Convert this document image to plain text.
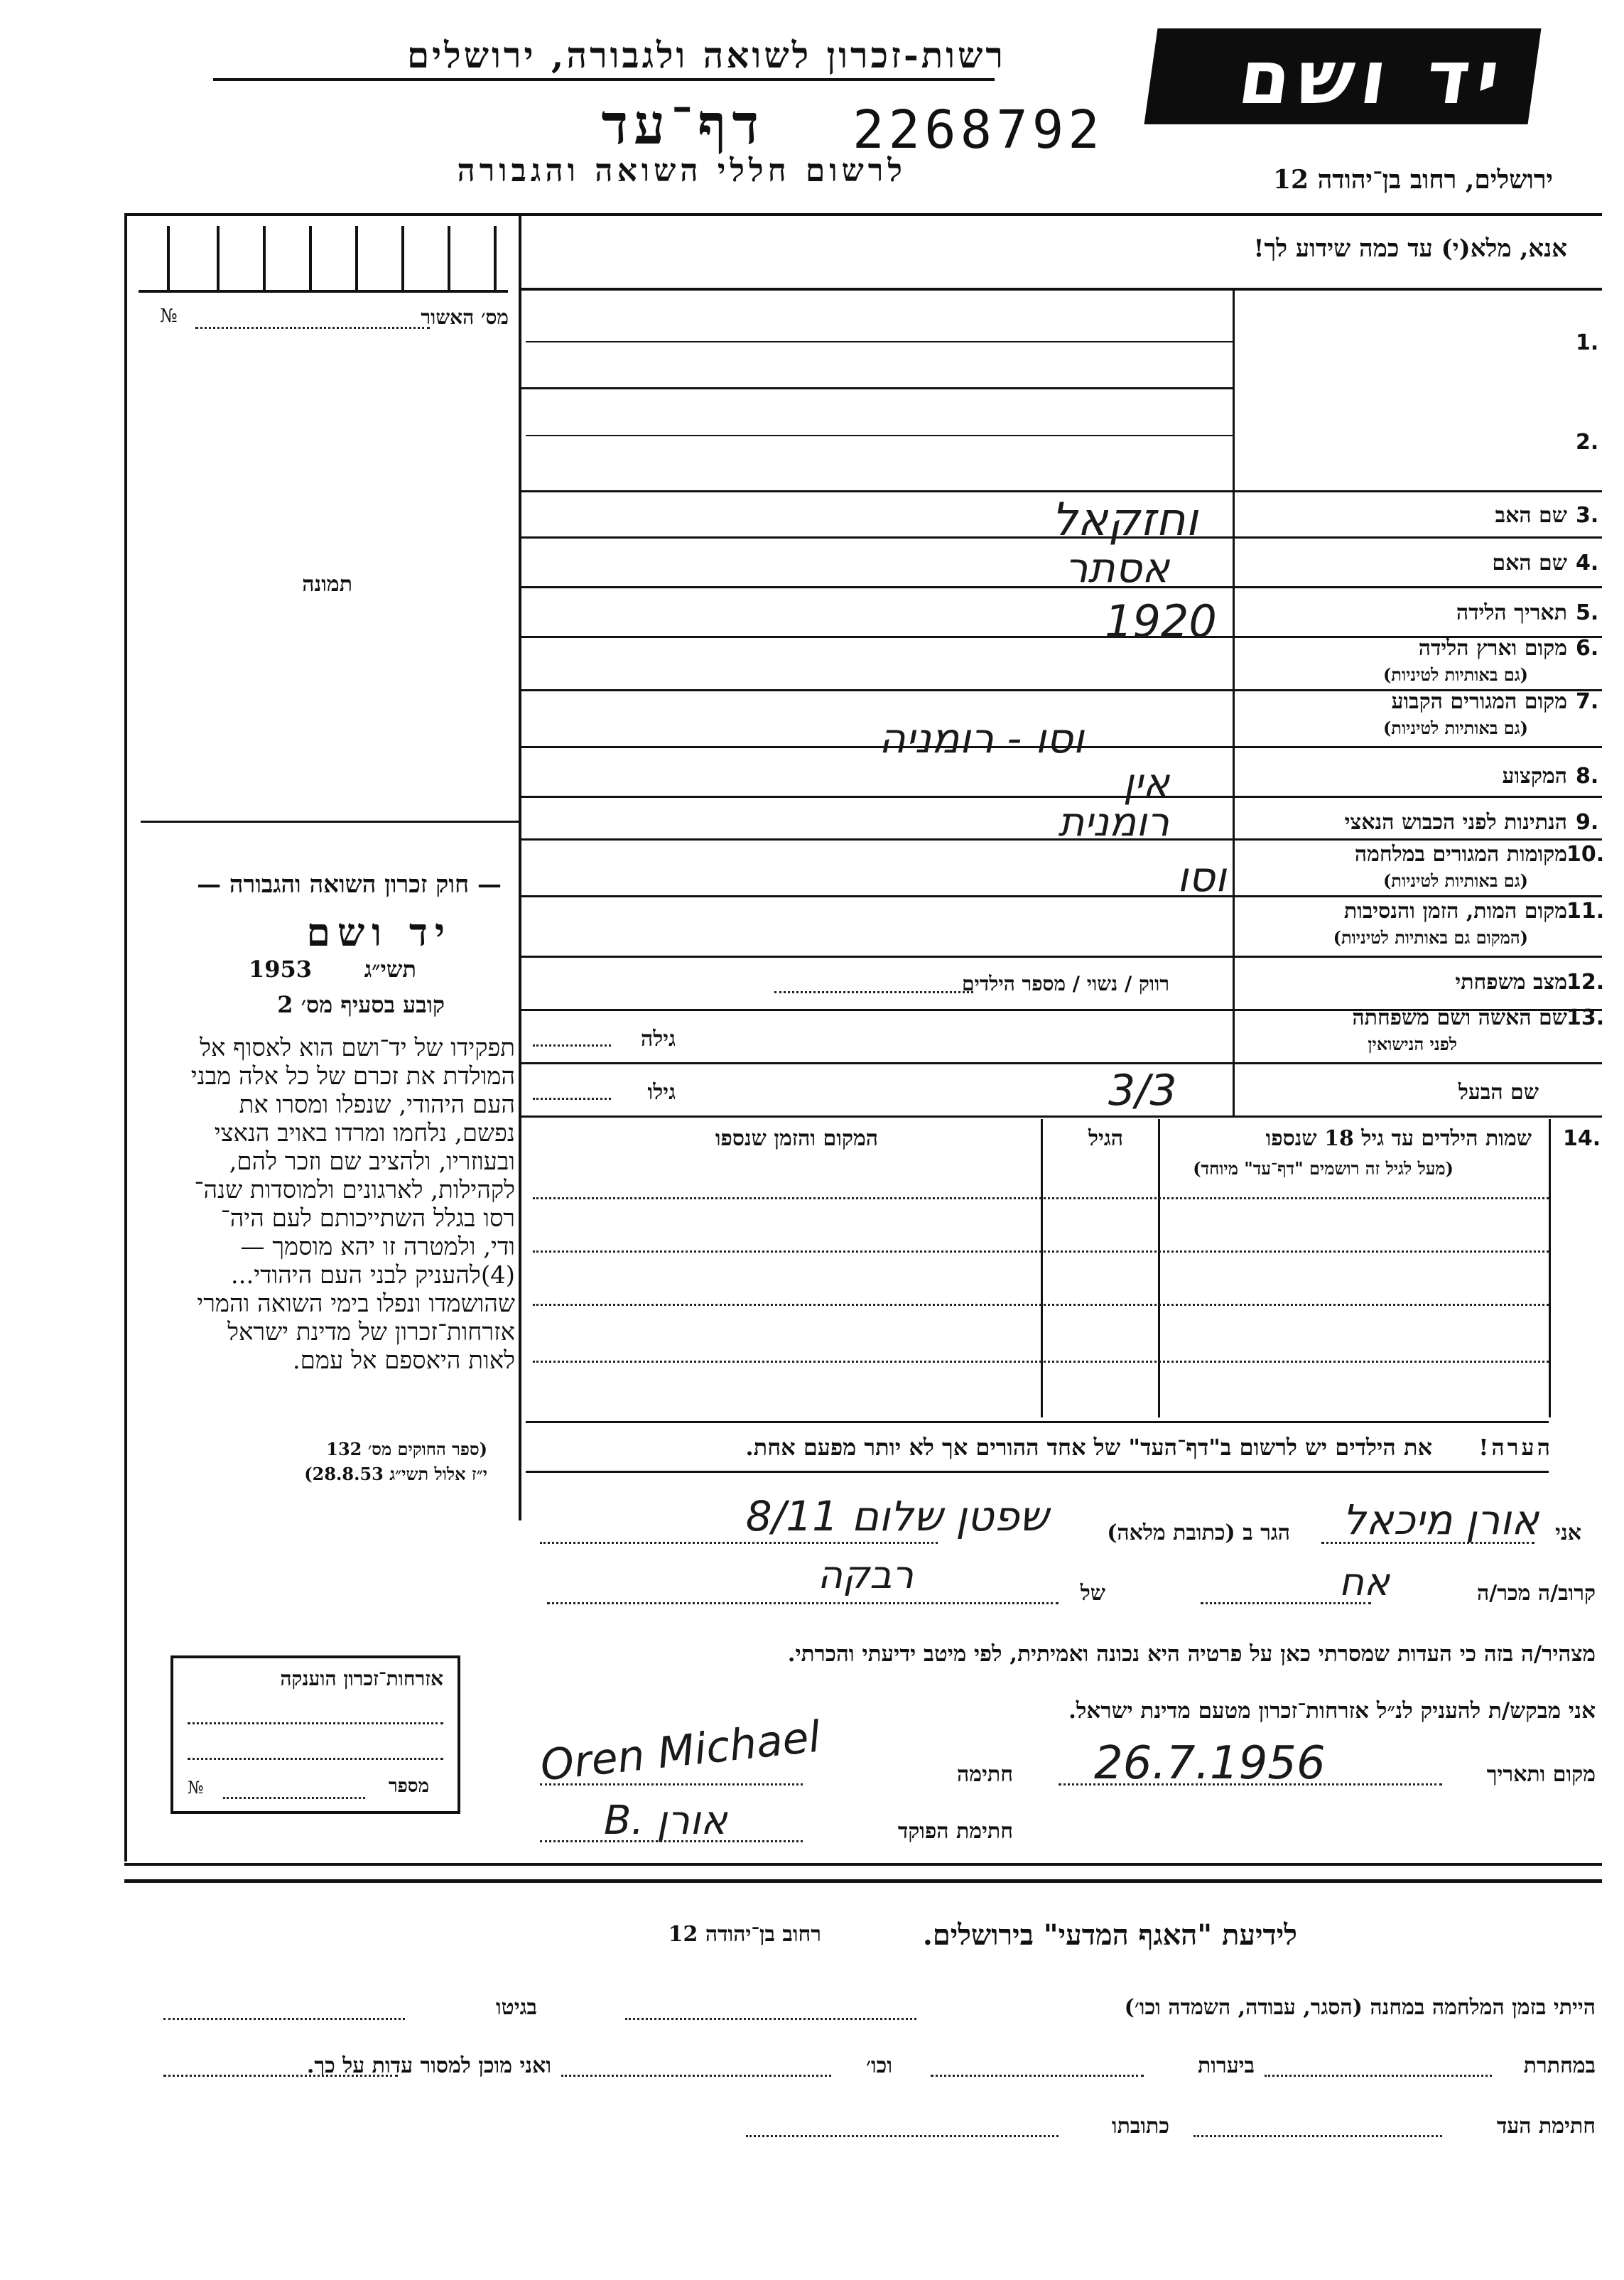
רשות-זכרון לשואה ולגבורה, ירושלים
דף־עד 2268792
לרשום חללי השואה והגבורה
יד ושם
ירושלים, רחוב בן־יהודה 12
אנא, מלא(י) עד כמה שידוע לך!
מס׳ האשור
№
תמונה
— חוק זכרון השואה והגבורה —
יד ושם
תשי״ג
1953
קובע בסעיף מס׳ 2
תפקידו של יד־ושם הוא לאסוף אל
המולדת את זכרם של כל אלה מבני
העם היהודי, שנפלו ומסרו את
נפשם, נלחמו ומרדו באויב הנאצי
ובעוזריו, ולהציב שם וזכר להם,
לקהילות, לארגונים ולמוסדות שנה־
רסו בגלל השתייכותם לעם היה־
ודי, ולמטרה זו יהא מוסמך —
(4)להעניק לבני העם היהודי...
שהושמדו ונפלו בימי השואה והמרי
אזרחות־זכרון של מדינת ישראל
לאות היאספם אל עמם.
(ספר החוקים מס׳ 132
י״ז אלול תשי״ג 28.8.53)
אזרחות־זכרון הוענקה
מספר
№
1.
2.
שם האב 3.
וחזקאל
שם האם 4.
אסתר
תאריך הלידה 5.
1920
מקום וארץ הלידה 6.
(גם באותיות לטיניות)
מקום המגורים הקבוע 7.
(גם באותיות לטיניות)
וסו - רומניה
המקצוע 8.
אין
הנתינות לפני הכבוש הנאצי 9.
רומנית
מקומות המגורים במלחמה 10.
(גם באותיות לטיניות)
וסו
מקום המות, הזמן והנסיבות 11.
(המקום גם באותיות לטיניות)
מצב משפחתי 12.
רווק / נשוי / מספר הילדים
שם האשה ושם משפחתה 13.
לפני הנישואין
גילה
שם הבעל
גילו	3/3
שמות הילדים עד גיל 18 שנספו 14.
(מעל לגיל זה רושמים "דף־עד" מיוחד)
הגיל
המקום והזמן שנספו
הערה!
את הילדים יש לרשום ב"דף־העד" של אחד ההורים אך לא יותר מפעם אחת.
אני
אורן מיכאל
הגר ב (כתובת מלאה)
שפטן שלום 8/11
קרוב/ה מכר/ה
אח
של
רבקה
מצהיר/ה בזה כי העדות שמסרתי כאן על פרטיה היא נכונה ואמיתית, לפי מיטב ידיעתי והכרתי.
אני מבקש/ת להעניק לנ״ל אזרחות־זכרון מטעם מדינת ישראל.
מקום ותאריך
26.7.1956
חתימה
Oren Michael
חתימת הפוקד
B. אורן
לידיעת "האגף המדעי" בירושלים.
רחוב בן־יהודה 12
הייתי בזמן המלחמה במחנה (הסגר, עבודה, השמדה וכו׳)
בגיטו
במחתרת
ביערות
וכו׳
ואני מוכן למסור עדות על כך.
חתימת העד
כתובתו
